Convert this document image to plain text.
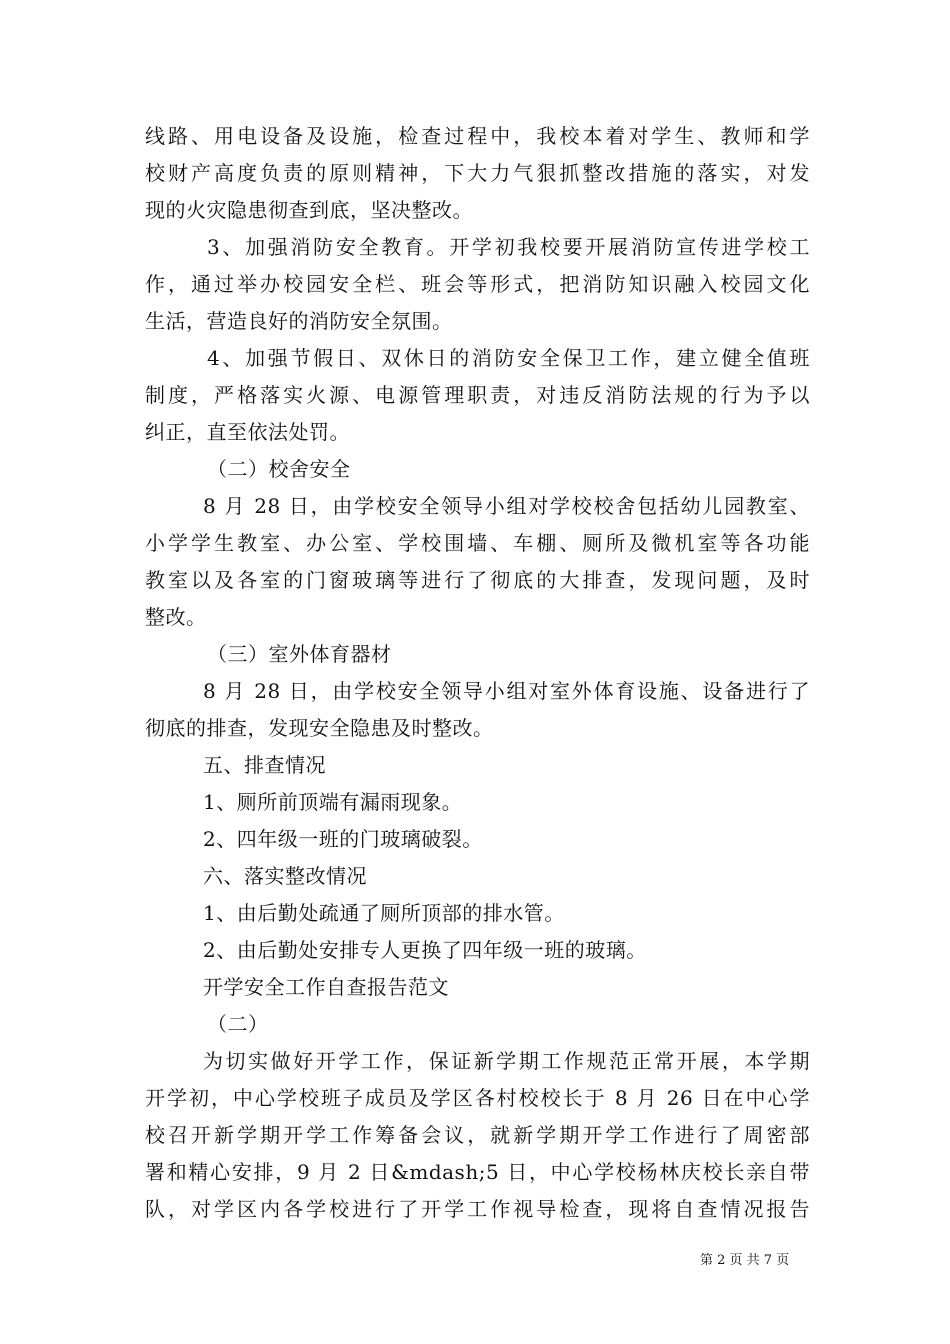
线路、用电设备及设施，检查过程中，我校本着对学生、教师和学
校财产高度负责的原则精神，下大力气狠抓整改措施的落实，对发
现的火灾隐患彻查到底，坚决整改。
3、加强消防安全教育。开学初我校要开展消防宣传进学校工
作，通过举办校园安全栏、班会等形式，把消防知识融入校园文化
生活，营造良好的消防安全氛围。
4、加强节假日、双休日的消防安全保卫工作，建立健全值班
制度，严格落实火源、电源管理职责，对违反消防法规的行为予以
纠正，直至依法处罚。
（二）校舍安全
8 月 28 日，由学校安全领导小组对学校校舍包括幼儿园教室、
小学学生教室、办公室、学校围墙、车棚、厕所及微机室等各功能
教室以及各室的门窗玻璃等进行了彻底的大排查，发现问题，及时
整改。
（三）室外体育器材
8 月 28 日，由学校安全领导小组对室外体育设施、设备进行了
彻底的排查，发现安全隐患及时整改。
五、排查情况
1、厕所前顶端有漏雨现象。
2、四年级一班的门玻璃破裂。
六、落实整改情况
1、由后勤处疏通了厕所顶部的排水管。
2、由后勤处安排专人更换了四年级一班的玻璃。
开学安全工作自查报告范文
（二）
为切实做好开学工作，保证新学期工作规范正常开展，本学期
开学初，中心学校班子成员及学区各村校校长于 8 月 26 日在中心学
校召开新学期开学工作筹备会议，就新学期开学工作进行了周密部
署和精心安排，9 月 2 日&mdash;5 日，中心学校杨林庆校长亲自带
队，对学区内各学校进行了开学工作视导检查，现将自查情况报告
第 2 页 共 7 页
